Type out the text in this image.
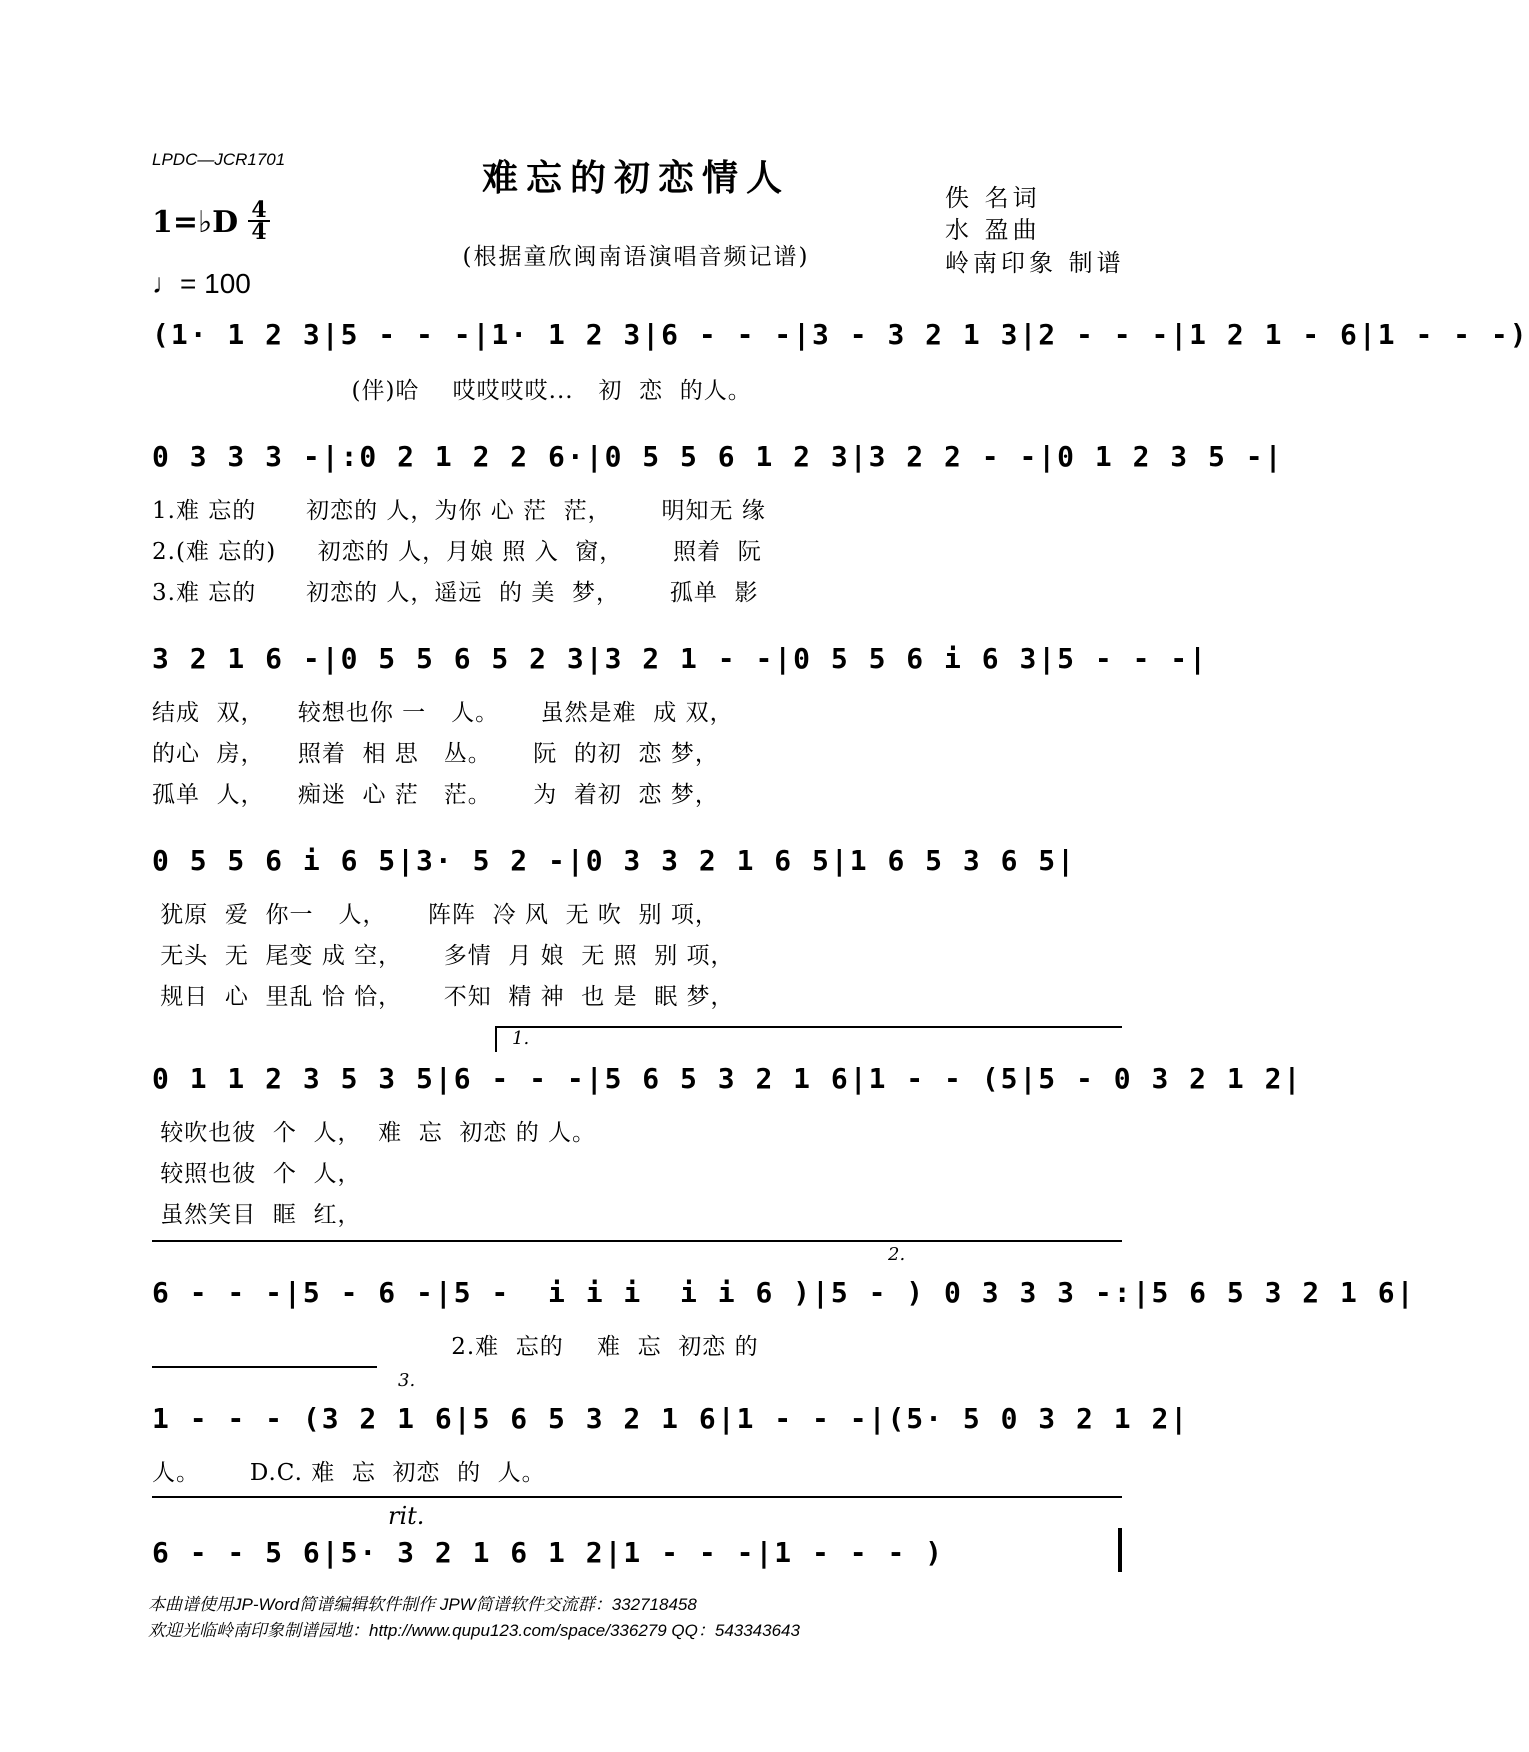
LPDC—JCR1701	难忘的初恋情人
(根据童欣闽南语演唱音频记谱)
佚 名词
水 盈曲
岭南印象 制谱
1=♭D 4
4
♩= 100
(1· 1 2 3|5 - - -|1· 1 2 3|6 - - -|3 - 3 2 1 3|2 - - -|1 2 1 - 6|1 - - -)
(伴)哈    哎哎哎哎...   初  恋  的人。
0 3 3 3 -|:0 2 1 2 2 6·|0 5 5 6 1 2 3|3 2 2 - -|0 1 2 3 5 -|
1.难 忘的      初恋的 人，为你 心 茫  茫，      明知无 缘
2.(难 忘的)     初恋的 人，月娘 照 入  窗，      照着  阮
3.难 忘的      初恋的 人，遥远  的 美  梦，      孤单  影
3 2 1 6 -|0 5 5 6 5 2 3|3 2 1 - -|0 5 5 6 i 6 3|5 - - -|
结成  双，    较想也你 一   人。     虽然是难  成 双，
的心  房，    照着  相 思   丛。     阮  的初  恋 梦，
孤单  人，    痴迷  心 茫   茫。     为  着初  恋 梦，
0 5 5 6 i 6 5|3· 5 2 -|0 3 3 2 1 6 5|1 6 5 3 6 5|
犹原  爱  你一   人，     阵阵  冷 风  无 吹  别 项，
无头  无  尾变 成 空，     多情  月 娘  无 照  别 项，
规日  心  里乱 恰 恰，     不知  精 神  也 是  眠 梦，
1.
0 1 1 2 3 5 3 5|6 - - -|5 6 5 3 2 1 6|1 - - (5|5 - 0 3 2 1 2|
较吹也彼  个  人，  难  忘  初恋 的 人。
较照也彼  个  人，
虽然笑目  眶  红，
2.
6 - - -|5 - 6 -|5 -  i i i  i i 6 )|5 - ) 0 3 3 3 -:|5 6 5 3 2 1 6|
2.难  忘的    难  忘  初恋 的
3.
1 - - - (3 2 1 6|5 6 5 3 2 1 6|1 - - -|(5· 5 0 3 2 1 2|
人。      D.C. 难  忘  初恋  的  人。
rit.
6 - - 5 6|5· 3 2 1 6 1 2|1 - - -|1 - - - )
本曲谱使用JP-Word简谱编辑软件制作 JPW简谱软件交流群：332718458
欢迎光临岭南印象制谱园地：http://www.qupu123.com/space/336279 QQ：543343643
